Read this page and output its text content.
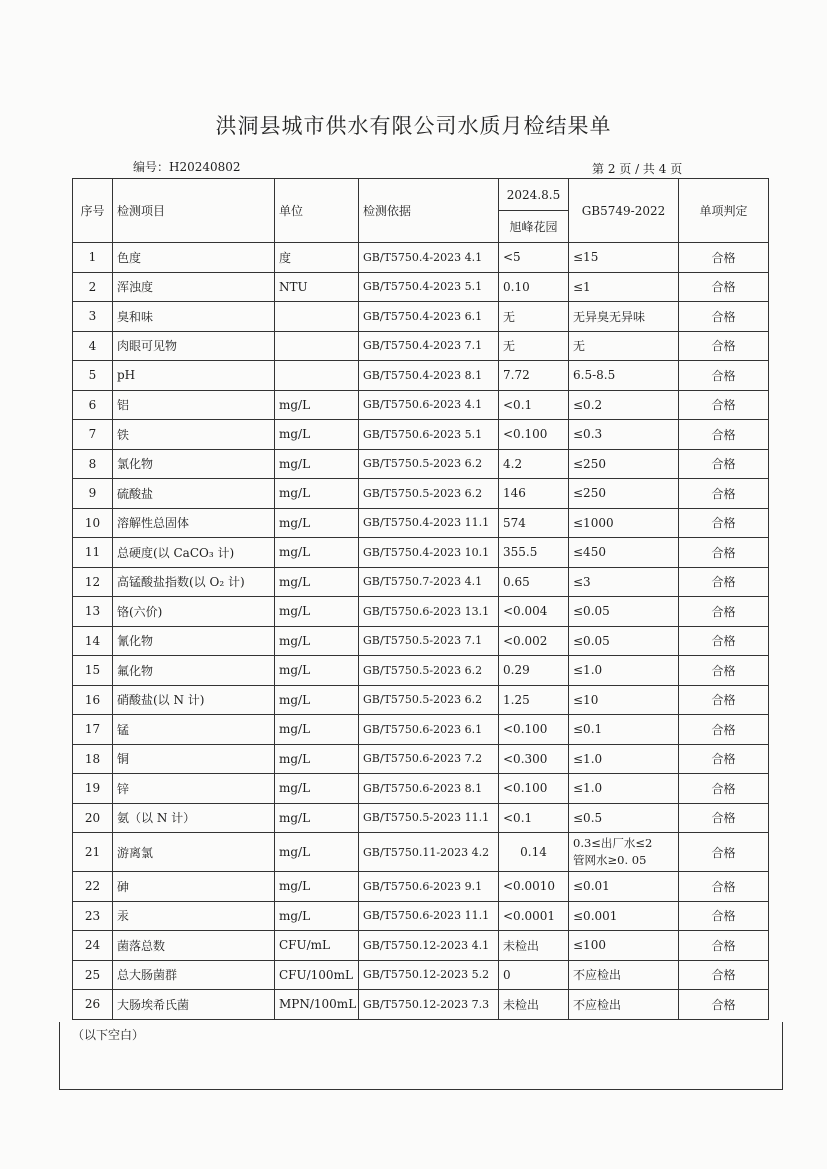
洪洞县城市供水有限公司水质月检结果单
编号：H20240802	第 2 页 / 共 4 页
序号	检测项目	单位	检测依据	2024.8.5	GB5749-2022	单项判定
				旭峰花园		
1	色度	度	GB/T5750.4-2023 4.1	<5	≤15	合格
2	浑浊度	NTU	GB/T5750.4-2023 5.1	0.10	≤1	合格
3	臭和味		GB/T5750.4-2023 6.1	无	无异臭无异味	合格
4	肉眼可见物		GB/T5750.4-2023 7.1	无	无	合格
5	pH		GB/T5750.4-2023 8.1	7.72	6.5-8.5	合格
6	铝	mg/L	GB/T5750.6-2023 4.1	<0.1	≤0.2	合格
7	铁	mg/L	GB/T5750.6-2023 5.1	<0.100	≤0.3	合格
8	氯化物	mg/L	GB/T5750.5-2023 6.2	4.2	≤250	合格
9	硫酸盐	mg/L	GB/T5750.5-2023 6.2	146	≤250	合格
10	溶解性总固体	mg/L	GB/T5750.4-2023 11.1	574	≤1000	合格
11	总硬度(以 CaCO₃ 计)	mg/L	GB/T5750.4-2023 10.1	355.5	≤450	合格
12	高锰酸盐指数(以 O₂ 计)	mg/L	GB/T5750.7-2023 4.1	0.65	≤3	合格
13	铬(六价)	mg/L	GB/T5750.6-2023 13.1	<0.004	≤0.05	合格
14	氰化物	mg/L	GB/T5750.5-2023 7.1	<0.002	≤0.05	合格
15	氟化物	mg/L	GB/T5750.5-2023 6.2	0.29	≤1.0	合格
16	硝酸盐(以 N 计)	mg/L	GB/T5750.5-2023 6.2	1.25	≤10	合格
17	锰	mg/L	GB/T5750.6-2023 6.1	<0.100	≤0.1	合格
18	铜	mg/L	GB/T5750.6-2023 7.2	<0.300	≤1.0	合格
19	锌	mg/L	GB/T5750.6-2023 8.1	<0.100	≤1.0	合格
20	氨（以 N 计）	mg/L	GB/T5750.5-2023 11.1	<0.1	≤0.5	合格
21	游离氯	mg/L	GB/T5750.11-2023 4.2	0.14	0.3≤出厂水≤2
管网水≥0. 05	合格
22	砷	mg/L	GB/T5750.6-2023 9.1	<0.0010	≤0.01	合格
23	汞	mg/L	GB/T5750.6-2023 11.1	<0.0001	≤0.001	合格
24	菌落总数	CFU/mL	GB/T5750.12-2023 4.1	未检出	≤100	合格
25	总大肠菌群	CFU/100mL	GB/T5750.12-2023 5.2	0	不应检出	合格
26	大肠埃希氏菌	MPN/100mL	GB/T5750.12-2023 7.3	未检出	不应检出	合格
（以下空白）
